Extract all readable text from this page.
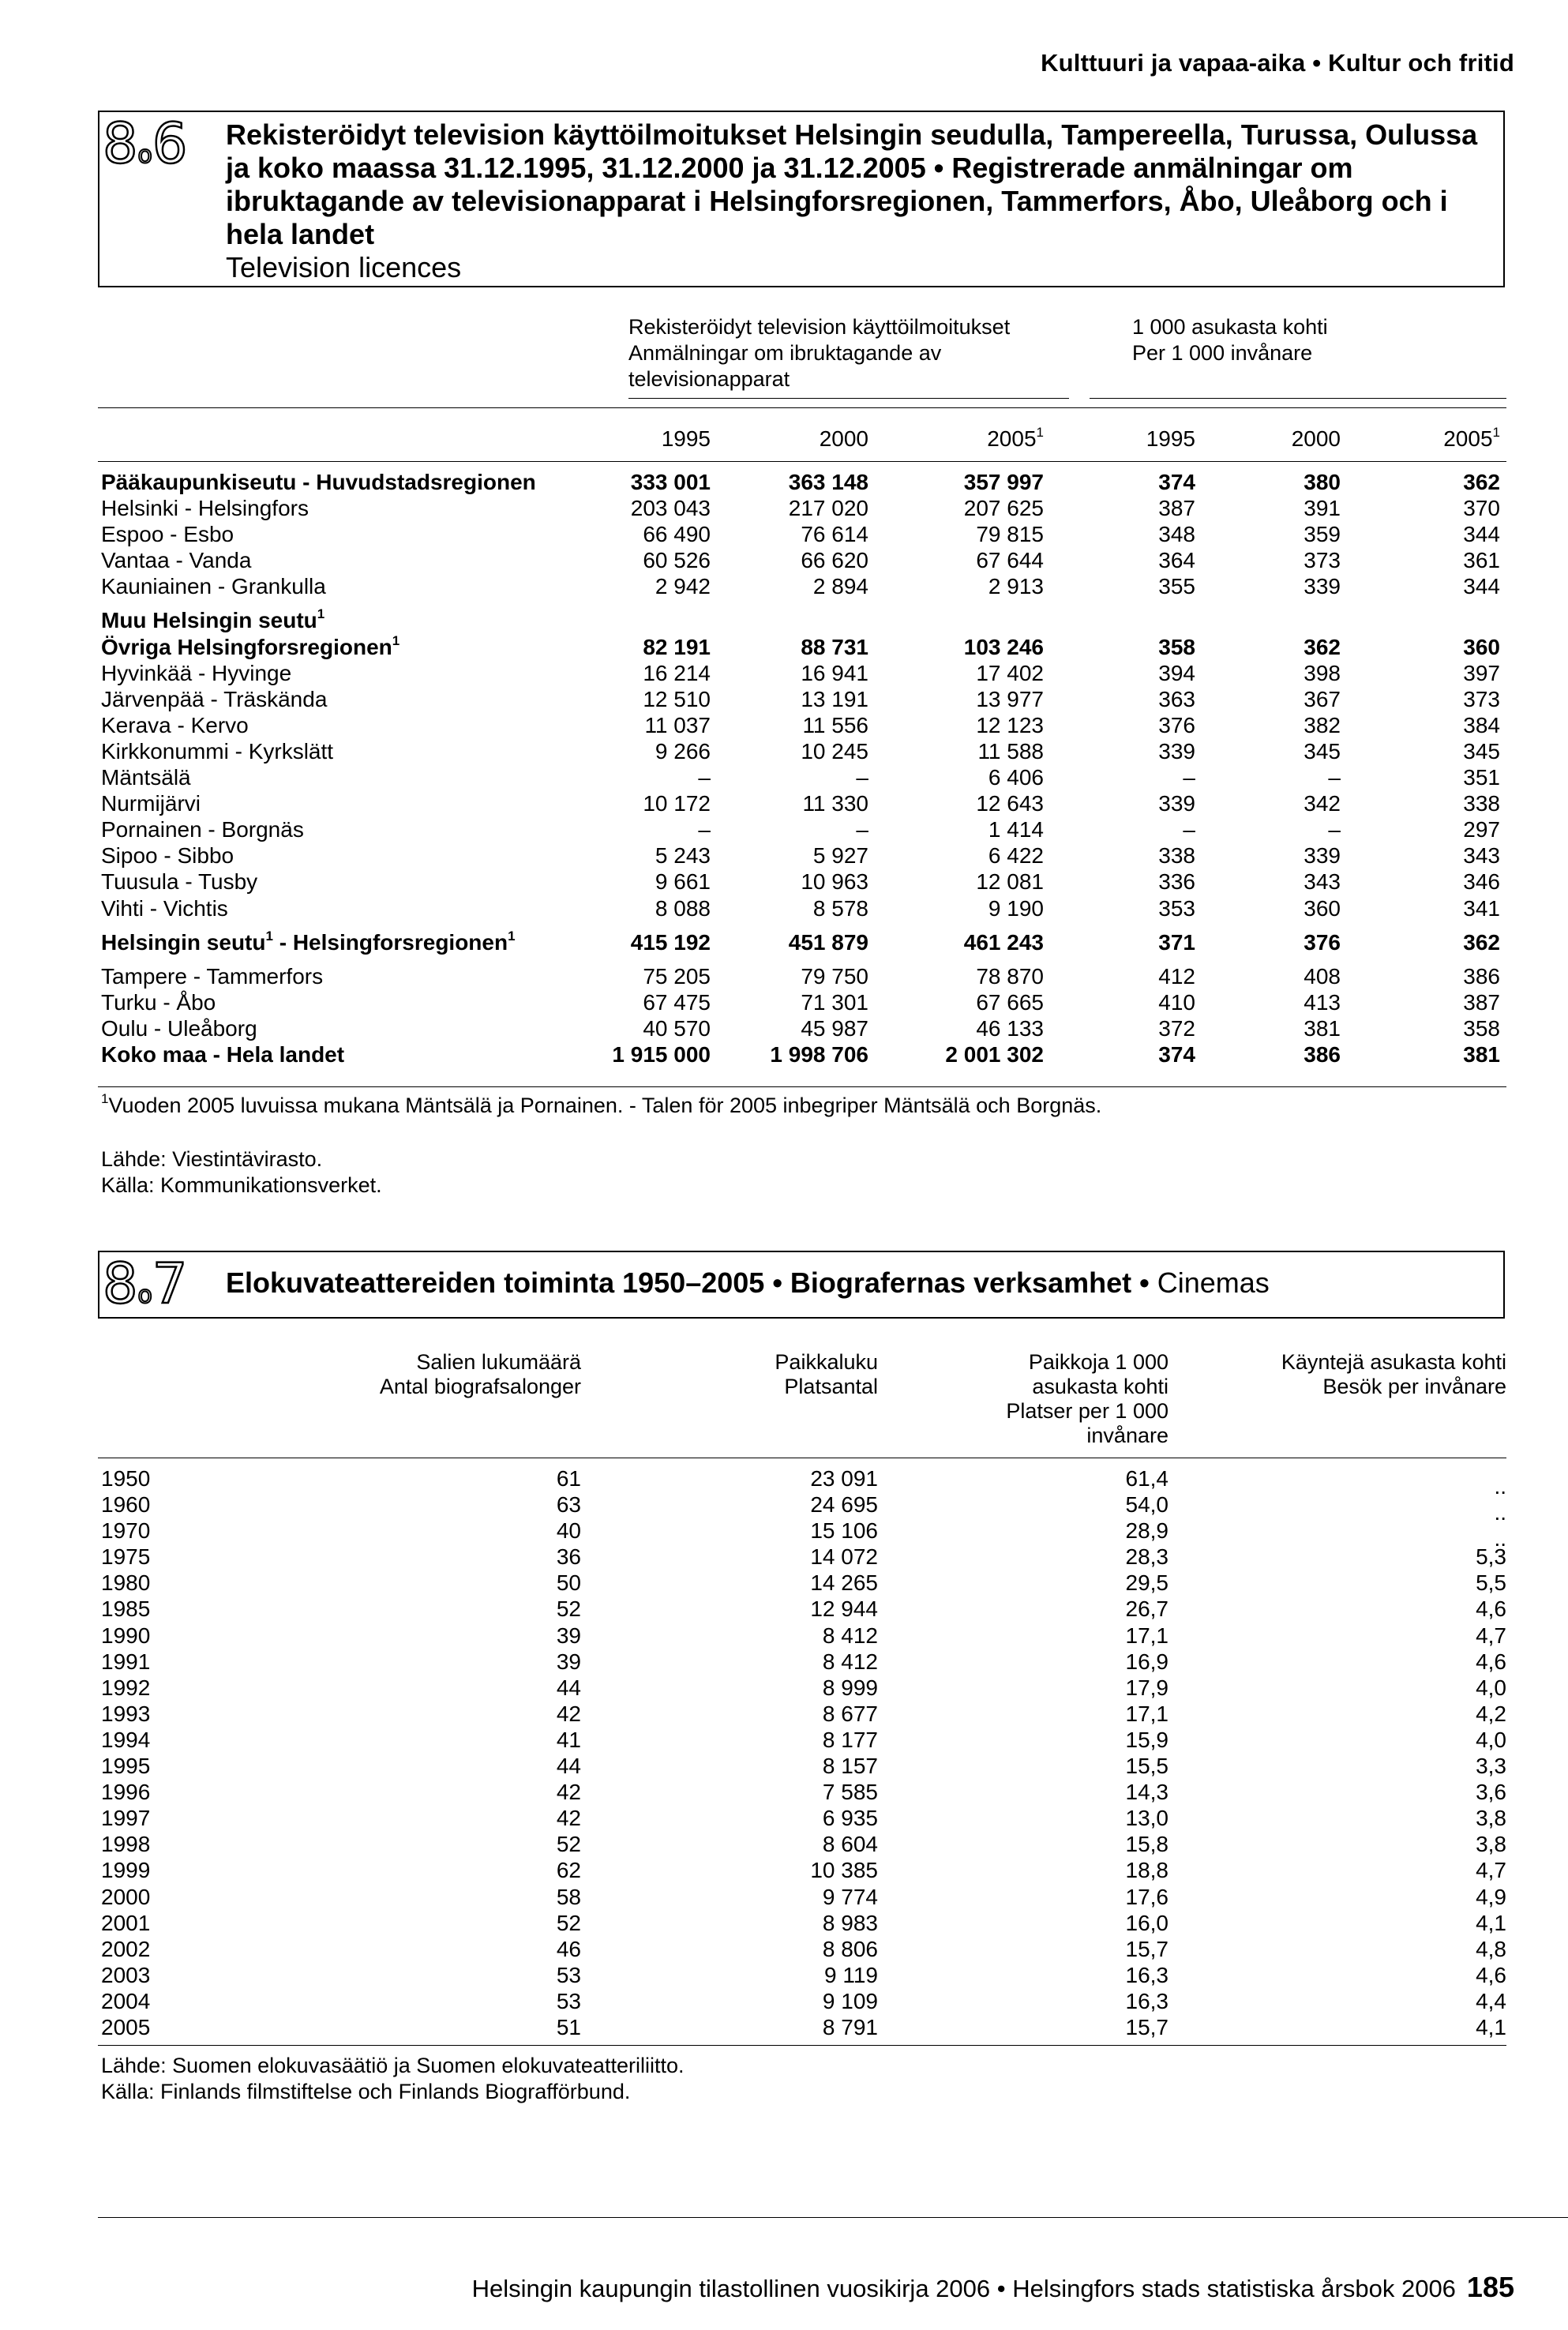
Kulttuuri ja vapaa-aika • Kultur och fritid
8o6	Rekisteröidyt television käyttöilmoitukset Helsingin seudulla, Tampereella, Turussa, Oulussa ja koko maassa 31.12.1995, 31.12.2000 ja 31.12.2005 • Registrerade anmälningar om ibruktagande av televisionapparat i Helsingforsregionen, Tammerfors, Åbo, Uleåborg och i hela landet
Television licences
Rekisteröidyt television käyttöilmoitukset
Anmälningar om ibruktagande av
televisionapparat
1 000 asukasta kohti
Per 1 000 invånare
1995	2000	2005$^1$	1995	2000	2005$^1$
Pääkaupunkiseutu - Huvudstadsregionen	333 001	363 148	357 997	374	380	362
Helsinki - Helsingfors	203 043	217 020	207 625	387	391	370
Espoo - Esbo	66 490	76 614	79 815	348	359	344
Vantaa - Vanda	60 526	66 620	67 644	364	373	361
Kauniainen - Grankulla	2 942	2 894	2 913	355	339	344
Muu Helsingin seutu$^1$
Övriga Helsingforsregionen$^1$	82 191	88 731	103 246	358	362	360
Hyvinkää - Hyvinge	16 214	16 941	17 402	394	398	397
Järvenpää - Träskända	12 510	13 191	13 977	363	367	373
Kerava - Kervo	11 037	11 556	12 123	376	382	384
Kirkkonummi - Kyrkslätt	9 266	10 245	11 588	339	345	345
Mäntsälä	–	–	6 406	–	–	351
Nurmijärvi	10 172	11 330	12 643	339	342	338
Pornainen - Borgnäs	–	–	1 414	–	–	297
Sipoo - Sibbo	5 243	5 927	6 422	338	339	343
Tuusula - Tusby	9 661	10 963	12 081	336	343	346
Vihti - Vichtis	8 088	8 578	9 190	353	360	341
Helsingin seutu$^1$ - Helsingforsregionen$^1$	415 192	451 879	461 243	371	376	362
Tampere - Tammerfors	75 205	79 750	78 870	412	408	386
Turku - Åbo	67 475	71 301	67 665	410	413	387
Oulu - Uleåborg	40 570	45 987	46 133	372	381	358
Koko maa - Hela landet	1 915 000	1 998 706	2 001 302	374	386	381
$^1$Vuoden 2005 luvuissa mukana Mäntsälä ja Pornainen. - Talen för 2005 inbegriper Mäntsälä och Borgnäs.
Lähde: Viestintävirasto.
Källa: Kommunikationsverket.
8o7	Elokuvateattereiden toiminta 1950–2005 • Biografernas verksamhet • Cinemas
Salien lukumäärä
Antal biografsalonger
Paikkaluku
Platsantal
Paikkoja 1 000
asukasta kohti
Platser per 1 000
invånare
Käyntejä asukasta kohti
Besök per invånare
1950	61	23 091	61,4	..
1960	63	24 695	54,0	..
1970	40	15 106	28,9	..
1975	36	14 072	28,3	5,3
1980	50	14 265	29,5	5,5
1985	52	12 944	26,7	4,6
1990	39	8 412	17,1	4,7
1991	39	8 412	16,9	4,6
1992	44	8 999	17,9	4,0
1993	42	8 677	17,1	4,2
1994	41	8 177	15,9	4,0
1995	44	8 157	15,5	3,3
1996	42	7 585	14,3	3,6
1997	42	6 935	13,0	3,8
1998	52	8 604	15,8	3,8
1999	62	10 385	18,8	4,7
2000	58	9 774	17,6	4,9
2001	52	8 983	16,0	4,1
2002	46	8 806	15,7	4,8
2003	53	9 119	16,3	4,6
2004	53	9 109	16,3	4,4
2005	51	8 791	15,7	4,1
Lähde: Suomen elokuvasäätiö ja Suomen elokuvateatteriliitto.
Källa: Finlands filmstiftelse och Finlands Biografförbund.
Helsingin kaupungin tilastollinen vuosikirja 2006 • Helsingfors stads statistiska årsbok 2006 185
